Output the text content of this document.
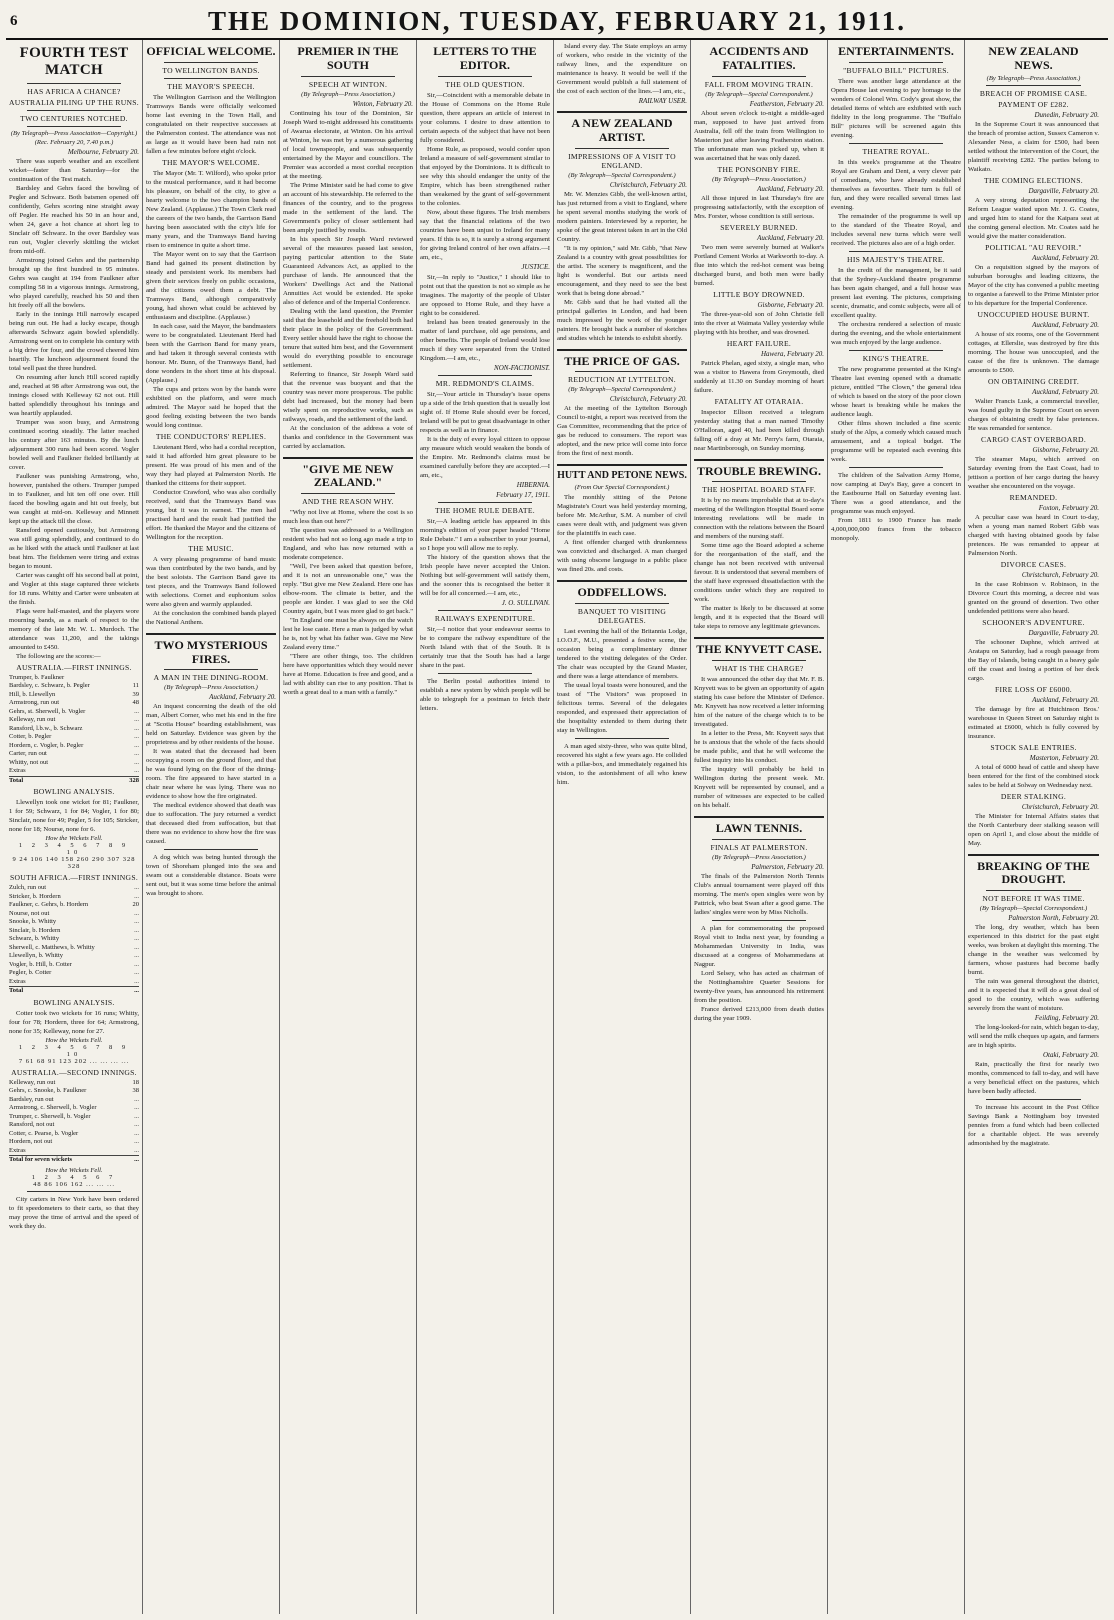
6	THE DOMINION, TUESDAY, FEBRUARY 21, 1911.
FOURTH TEST MATCH
HAS AFRICA A CHANCE?
AUSTRALIA PILING UP THE RUNS.
TWO CENTURIES NOTCHED.
(By Telegraph—Press Association—Copyright.)
(Rec. February 20, 7.40 p.m.)
Melbourne, February 20.

There was superb weather and an excellent wicket—faster than Saturday—for the continuation of the Test match.

Bardsley and Gehrs faced the bowling of Pegler and Schwarz. Both batsmen opened off confidently, Gehrs scoring nine straight away off Pegler. He reached his 50 in an hour and, when 24, gave a hot chance at short leg to Sinclair off Schwarz. In the over Bardsley was run out, Vogler cleverly skittling the wicket from mid-off.

Armstrong joined Gehrs and the partnership brought up the first hundred in 95 minutes. Gehrs was caught at 194 from Faulkner after compiling 58 in a vigorous innings. Armstrong, who played carefully, reached his 50 and then hit freely off all the bowlers.

Early in the innings Hill narrowly escaped being run out. He had a lucky escape, though afterwards Schwarz again bowled splendidly. Armstrong went on to complete his century with a big drive for four, and the crowd cheered him heartily. The luncheon adjournment found the total well past the three hundred.

On resuming after lunch Hill scored rapidly and, reached at 98 after Armstrong was out, the innings closed with Kelleway 62 not out. Hill batted splendidly throughout his innings and was heartily applauded.

Trumper was soon busy, and Armstrong continued scoring steadily. The latter reached his century after 163 minutes. By the lunch adjournment 300 runs had been scored. Vogler bowled well and Faulkner fielded brilliantly at cover.

Faulkner was punishing Armstrong, who, however, punished the others. Trumper jumped in to Faulkner, and hit ten off one over. Hill faced the bowling again and hit out freely, but was caught at mid-on. Kelleway and Minnett kept up the attack till the close.

Ransford opened cautiously, but Armstrong was still going splendidly, and continued to do as he liked with the attack until Faulkner at last beat him. The fieldsmen were tiring and extras began to mount.

Carter was caught off his second ball at point, and Vogler at this stage captured three wickets for 18 runs. Whitty and Carter were unbeaten at the finish.

Flags were half-masted, and the players wore mourning bands, as a mark of respect to the memory of the late Mr. W. L. Murdoch. The attendance was 11,200, and the takings amounted to £450.

The following are the scores:—

AUSTRALIA.—FIRST INNINGS.
Trumper, b. Faulkner	
Bardsley, c. Schwarz, b. Pegler	11
Hill, b. Llewellyn	39
Armstrong, run out	48
Gehrs, st. Sherwell, b. Vogler	...
Kelleway, run out	...
Ransford, l.b.w., b. Schwarz	...
Cotter, b. Pegler	...
Hordern, c. Vogler, b. Pegler	...
Carter, run out	...
Whitty, not out	...
Extras	...
Total	328
BOWLING ANALYSIS.

Llewellyn took one wicket for 81; Faulkner, 1 for 59; Schwarz, 1 for 84; Vogler, 1 for 80; Sinclair, none for 49; Pegler, 5 for 105; Stricker, none for 18; Nourse, none for 6.

How the Wickets Fell.
1 2 3 4 5 6 7 8 9 10
9 24 106 140 158 260 290 307 328 328
SOUTH AFRICA.—FIRST INNINGS.
Zulch, run out	...
Stricker, b. Hordern	...
Faulkner, c. Gehrs, b. Hordern	20
Nourse, not out	...
Snooke, b. Whitty	...
Sinclair, b. Hordern	...
Schwarz, b. Whitty	...
Sherwell, c. Matthews, b. Whitty	...
Llewellyn, b. Whitty	...
Vogler, b. Hill, b. Cotter	...
Pegler, b. Cotter	...
Extras	...
Total	...
BOWLING ANALYSIS.

Cotter took two wickets for 16 runs; Whitty, four for 78; Hordern, three for 64; Armstrong, none for 35; Kelleway, none for 27.

How the Wickets Fell.
1 2 3 4 5 6 7 8 9 10
7 61 68 91 123 202 ... ... ... ...
AUSTRALIA.—SECOND INNINGS.
Kelleway, run out	18
Gehrs, c. Snooke, b. Faulkner	38
Bardsley, run out	...
Armstrong, c. Sherwell, b. Vogler	...
Trumper, c. Sherwell, b. Vogler	...
Ransford, not out	...
Cotter, c. Pearse, b. Vogler	...
Hordern, not out	...
Extras	...
Total for seven wickets	...
How the Wickets Fell.
1 2 3 4 5 6 7
48 86 106 162 ... ... ...

City carters in New York have been ordered to fit speedometers to their carts, so that they may prove the time of arrival and the speed of work they do.

OFFICIAL WELCOME.
TO WELLINGTON BANDS.
THE MAYOR'S SPEECH.

The Wellington Garrison and the Wellington Tramways Bands were officially welcomed home last evening in the Town Hall, and congratulated on their respective successes at the Palmerston contest. The attendance was not as large as it would have been had rain not fallen a few minutes before eight o'clock.

THE MAYOR'S WELCOME.

The Mayor (Mr. T. Wilford), who spoke prior to the musical performance, said it had become his pleasure, on behalf of the city, to give a hearty welcome to the two champion bands of New Zealand. (Applause.) The Town Clerk read the careers of the two bands, the Garrison Band having been associated with the city's life for many years, and the Tramways Band having risen to eminence in quite a short time.

The Mayor went on to say that the Garrison Band had gained its present distinction by steady and persistent work. Its members had given their services freely on public occasions, and the citizens owed them a debt. The Tramways Band, although comparatively young, had shown what could be achieved by enthusiasm and discipline. (Applause.)

In each case, said the Mayor, the bandmasters were to be congratulated. Lieutenant Herd had been with the Garrison Band for many years, and had taken it through several contests with honour. Mr. Bunn, of the Tramways Band, had done wonders in the short time at his disposal. (Applause.)

The cups and prizes won by the bands were exhibited on the platform, and were much admired. The Mayor said he hoped that the good feeling existing between the two bands would long continue.

THE CONDUCTORS' REPLIES.

Lieutenant Herd, who had a cordial reception, said it had afforded him great pleasure to be present. He was proud of his men and of the way they had played at Palmerston North. He thanked the citizens for their support.

Conductor Crawford, who was also cordially received, said that the Tramways Band was young, but it was in earnest. The men had practised hard and the result had justified the effort. He thanked the Mayor and the citizens of Wellington for the reception.

THE MUSIC.

A very pleasing programme of band music was then contributed by the two bands, and by the best soloists. The Garrison Band gave its test pieces, and the Tramways Band followed with selections. Cornet and euphonium solos were also given and warmly applauded.

At the conclusion the combined bands played the National Anthem.

TWO MYSTERIOUS FIRES.
A MAN IN THE DINING-ROOM.
(By Telegraph—Press Association.)
Auckland, February 20.

An inquest concerning the death of the old man, Albert Corner, who met his end in the fire at "Scotia House" boarding establishment, was held on Saturday. Evidence was given by the proprietress and by other residents of the house.

It was stated that the deceased had been occupying a room on the ground floor, and that he was found lying on the floor of the dining-room. The fire appeared to have started in a chair near where he was lying. There was no evidence to show how the fire originated.

The medical evidence showed that death was due to suffocation. The jury returned a verdict that deceased died from suffocation, but that there was no evidence to show how the fire was caused.

A dog which was being hunted through the town of Shoreham plunged into the sea and swam out a considerable distance. Boats were sent out, but it was some time before the animal was brought to shore.

PREMIER IN THE SOUTH
SPEECH AT WINTON.
(By Telegraph—Press Association.)
Winton, February 20.

Continuing his tour of the Dominion, Sir Joseph Ward to-night addressed his constituents of Awarua electorate, at Winton. On his arrival at Winton, he was met by a numerous gathering of local townspeople, and was subsequently entertained by the Mayor and councillors. The Premier was accorded a most cordial reception at the meeting.

The Prime Minister said he had come to give an account of his stewardship. He referred to the finances of the country, and to the progress made in the settlement of the land. The Government's policy of closer settlement had been amply justified by results.

In his speech Sir Joseph Ward reviewed several of the measures passed last session, paying particular attention to the State Guaranteed Advances Act, as applied to the purchase of lands. He announced that the Workers' Dwellings Act and the National Annuities Act would be extended. He spoke also of defence and of the Imperial Conference.

Dealing with the land question, the Premier said that the leasehold and the freehold both had their place in the policy of the Government. Every settler should have the right to choose the tenure that suited him best, and the Government would do everything possible to encourage settlement.

Referring to finance, Sir Joseph Ward said that the revenue was buoyant and that the country was never more prosperous. The public debt had increased, but the money had been wisely spent on reproductive works, such as railways, roads, and the settlement of the land.

At the conclusion of the address a vote of thanks and confidence in the Government was carried by acclamation.

"GIVE ME NEW ZEALAND."
AND THE REASON WHY.

"Why not live at Home, where the cost is so much less than out here?"

The question was addressed to a Wellington resident who had not so long ago made a trip to England, and who has now returned with a moderate competence.

"Well, I've been asked that question before, and it is not an unreasonable one," was the reply. "But give me New Zealand. Here one has elbow-room. The climate is better, and the people are kinder. I was glad to see the Old Country again, but I was more glad to get back."

"In England one must be always on the watch lest he lose caste. Here a man is judged by what he is, not by what his father was. Give me New Zealand every time."

"There are other things, too. The children here have opportunities which they would never have at Home. Education is free and good, and a lad with ability can rise to any position. That is worth a great deal to a man with a family."

LETTERS TO THE EDITOR.
THE OLD QUESTION.

Sir,—Coincident with a memorable debate in the House of Commons on the Home Rule question, there appears an article of interest in your columns. I desire to draw attention to certain aspects of the subject that have not been fully considered.

Home Rule, as proposed, would confer upon Ireland a measure of self-government similar to that enjoyed by the Dominions. It is difficult to see why this should endanger the unity of the Empire, which has been strengthened rather than weakened by the grant of self-government to the colonies.

Now, about these figures. The Irish members say that the financial relations of the two countries have been unjust to Ireland for many years. If this is so, it is surely a strong argument for giving Ireland control of her own affairs.—I am, etc.,

JUSTICE.

Sir,—In reply to "Justice," I should like to point out that the question is not so simple as he imagines. The majority of the people of Ulster are opposed to Home Rule, and they have a right to be considered.

Ireland has been treated generously in the matter of land purchase, old age pensions, and other benefits. The people of Ireland would lose much if they were separated from the United Kingdom.—I am, etc.,

NON-FACTIONIST.
MR. REDMOND'S CLAIMS.

Sir,—Your article in Thursday's issue opens up a side of the Irish question that is usually lost sight of. If Home Rule should ever be forced, Ireland will be put to great disadvantage in other respects as well as in finance.

It is the duty of every loyal citizen to oppose any measure which would weaken the bonds of the Empire. Mr. Redmond's claims must be examined carefully before they are accepted.—I am, etc.,

HIBERNIA.
February 17, 1911.
THE HOME RULE DEBATE.

Sir,—A leading article has appeared in this morning's edition of your paper headed "Home Rule Debate." I am a subscriber to your journal, so I hope you will allow me to reply.

The history of the question shows that the Irish people have never accepted the Union. Nothing but self-government will satisfy them, and the sooner this is recognised the better it will be for all concerned.—I am, etc.,

J. O. SULLIVAN.
RAILWAYS EXPENDITURE.

Sir,—I notice that your endeavour seems to be to compare the railway expenditure of the North Island with that of the South. It is certainly true that the South has had a large share in the past.

The Berlin postal authorities intend to establish a new system by which people will be able to telegraph for a postman to fetch their letters.

Island every day. The State employs an army of workers, who reside in the vicinity of the railway lines, and the expenditure on maintenance is heavy. It would be well if the Government would publish a full statement of the cost of each section of the lines.—I am, etc.,

RAILWAY USER.
A NEW ZEALAND ARTIST.
IMPRESSIONS OF A VISIT TO ENGLAND.
(By Telegraph—Special Correspondent.)
Christchurch, February 20.

Mr. W. Menzies Gibb, the well-known artist, has just returned from a visit to England, where he spent several months studying the work of modern painters. Interviewed by a reporter, he spoke of the great interest taken in art in the Old Country.

"It is my opinion," said Mr. Gibb, "that New Zealand is a country with great possibilities for the artist. The scenery is magnificent, and the light is wonderful. But our artists need encouragement, and they need to see the best work that is being done abroad."

Mr. Gibb said that he had visited all the principal galleries in London, and had been much impressed by the work of the younger painters. He brought back a number of sketches and studies which he intends to exhibit shortly.

THE PRICE OF GAS.
REDUCTION AT LYTTELTON.
(By Telegraph—Special Correspondent.)
Christchurch, February 20.

At the meeting of the Lyttelton Borough Council to-night, a report was received from the Gas Committee, recommending that the price of gas be reduced to consumers. The report was adopted, and the new price will come into force from the first of next month.

HUTT AND PETONE NEWS.
(From Our Special Correspondent.)

The monthly sitting of the Petone Magistrate's Court was held yesterday morning, before Mr. McArthur, S.M. A number of civil cases were dealt with, and judgment was given for the plaintiffs in each case.

A first offender charged with drunkenness was convicted and discharged. A man charged with using obscene language in a public place was fined 20s. and costs.

ODDFELLOWS.
BANQUET TO VISITING DELEGATES.

Last evening the hall of the Britannia Lodge, I.O.O.F., M.U., presented a festive scene, the occasion being a complimentary dinner tendered to the visiting delegates of the Order. The chair was occupied by the Grand Master, and there was a large attendance of members.

The usual loyal toasts were honoured, and the toast of "The Visitors" was proposed in felicitous terms. Several of the delegates responded, and expressed their appreciation of the hospitality extended to them during their stay in Wellington.

A man aged sixty-three, who was quite blind, recovered his sight a few years ago. He collided with a pillar-box, and immediately regained his vision, to the astonishment of all who knew him.

ACCIDENTS AND FATALITIES.
FALL FROM MOVING TRAIN.
(By Telegraph—Special Correspondent.)
Featherston, February 20.

About seven o'clock to-night a middle-aged man, supposed to have just arrived from Australia, fell off the train from Wellington to Masterton just after leaving Featherston station. The unfortunate man was picked up, when it was ascertained that he was only dazed.

THE PONSONBY FIRE.
(By Telegraph—Press Association.)
Auckland, February 20.

All those injured in last Thursday's fire are progressing satisfactorily, with the exception of Mrs. Forster, whose condition is still serious.

SEVERELY BURNED.
Auckland, February 20.

Two men were severely burned at Walker's Portland Cement Works at Warkworth to-day. A flue into which the red-hot cement was being discharged burst, and both men were badly burned.

LITTLE BOY DROWNED.
Gisborne, February 20.

The three-year-old son of John Christie fell into the river at Waimata Valley yesterday while playing with his brother, and was drowned.

HEART FAILURE.
Hawera, February 20.

Patrick Phelan, aged sixty, a single man, who was a visitor to Hawera from Greymouth, died suddenly at 11.30 on Sunday morning of heart failure.

FATALITY AT OTARAIA.

Inspector Ellison received a telegram yesterday stating that a man named Timothy O'Halloran, aged 40, had been killed through falling off a dray at Mr. Perry's farm, Otaraia, near Martinborough, on Sunday morning.

TROUBLE BREWING.
THE HOSPITAL BOARD STAFF.

It is by no means improbable that at to-day's meeting of the Wellington Hospital Board some interesting revelations will be made in connection with the relations between the Board and members of the nursing staff.

Some time ago the Board adopted a scheme for the reorganisation of the staff, and the change has not been received with universal favour. It is understood that several members of the staff have expressed dissatisfaction with the conditions under which they are required to work.

The matter is likely to be discussed at some length, and it is expected that the Board will take steps to remove any legitimate grievances.

THE KNYVETT CASE.
WHAT IS THE CHARGE?

It was announced the other day that Mr. F. B. Knyvett was to be given an opportunity of again stating his case before the Minister of Defence. Mr. Knyvett has now received a letter informing him of the nature of the charge which is to be investigated.

In a letter to the Press, Mr. Knyvett says that he is anxious that the whole of the facts should be made public, and that he will welcome the fullest inquiry into his conduct.

The inquiry will probably be held in Wellington during the present week. Mr. Knyvett will be represented by counsel, and a number of witnesses are expected to be called on his behalf.

LAWN TENNIS.
FINALS AT PALMERSTON.
(By Telegraph—Press Association.)
Palmerston, February 20.

The finals of the Palmerston North Tennis Club's annual tournament were played off this morning. The men's open singles were won by Pattrick, who beat Swan after a good game. The ladies' singles were won by Miss Nicholls.

A plan for commemorating the proposed Royal visit to India next year, by founding a Mohammedan University in India, was discussed at a congress of Mohammedans at Nagpur.

Lord Selsey, who has acted as chairman of the Nottinghamshire Quarter Sessions for twenty-five years, has announced his retirement from the position.

France derived £213,000 from death duties during the year 1909.

ENTERTAINMENTS.
"BUFFALO BILL" PICTURES.

There was another large attendance at the Opera House last evening to pay homage to the wonders of Colonel Wm. Cody's great show, the detailed items of which are exhibited with such fidelity in the long programme. The "Buffalo Bill" pictures will be screened again this evening.

THEATRE ROYAL.

In this week's programme at the Theatre Royal are Graham and Dent, a very clever pair of comedians, who have already established themselves as favourites. Their turn is full of fun, and they were recalled several times last evening.

The remainder of the programme is well up to the standard of the Theatre Royal, and includes several new turns which were well received. The pictures also are of a high order.

HIS MAJESTY'S THEATRE.

In the credit of the management, be it said that the Sydney-Auckland theatre programme has been again changed, and a full house was present last evening. The pictures, comprising scenic, dramatic, and comic subjects, were all of excellent quality.

The orchestra rendered a selection of music during the evening, and the whole entertainment was much enjoyed by the large audience.

KING'S THEATRE.

The new programme presented at the King's Theatre last evening opened with a dramatic picture, entitled "The Clown," the general idea of which is based on the story of the poor clown whose heart is breaking while he makes the audience laugh.

Other films shown included a fine scenic study of the Alps, a comedy which caused much amusement, and a topical budget. The programme will be repeated each evening this week.

The children of the Salvation Army Home, now camping at Day's Bay, gave a concert in the Eastbourne Hall on Saturday evening last. There was a good attendance, and the programme was much enjoyed.

From 1811 to 1900 France has made 4,000,000,000 francs from the tobacco monopoly.

NEW ZEALAND NEWS.
(By Telegraph—Press Association.)
BREACH OF PROMISE CASE.
PAYMENT OF £282.
Dunedin, February 20.

In the Supreme Court it was announced that the breach of promise action, Sussex Cameron v. Alexander Ness, a claim for £500, had been settled without the intervention of the Court, the plaintiff receiving £282. The parties belong to Waikato.

THE COMING ELECTIONS.
Dargaville, February 20.

A very strong deputation representing the Reform League waited upon Mr. J. G. Coates, and urged him to stand for the Kaipara seat at the coming general election. Mr. Coates said he would give the matter consideration.

POLITICAL "AU REVOIR."
Auckland, February 20.

On a requisition signed by the mayors of suburban boroughs and leading citizens, the Mayor of the city has convened a public meeting to organise a farewell to the Prime Minister prior to his departure for the Imperial Conference.

UNOCCUPIED HOUSE BURNT.
Auckland, February 20.

A house of six rooms, one of the Government cottages, at Ellerslie, was destroyed by fire this morning. The house was unoccupied, and the cause of the fire is unknown. The damage amounts to £500.

ON OBTAINING CREDIT.
Auckland, February 20.

Walter Francis Lusk, a commercial traveller, was found guilty in the Supreme Court on seven charges of obtaining credit by false pretences. He was remanded for sentence.

CARGO CAST OVERBOARD.
Gisborne, February 20.

The steamer Mapu, which arrived on Saturday evening from the East Coast, had to jettison a portion of her cargo during the heavy weather she encountered on the voyage.

REMANDED.
Foxton, February 20.

A peculiar case was heard in Court to-day, when a young man named Robert Gibb was charged with having obtained goods by false pretences. He was remanded to appear at Palmerston North.

DIVORCE CASES.
Christchurch, February 20.

In the case Robinson v. Robinson, in the Divorce Court this morning, a decree nisi was granted on the ground of desertion. Two other undefended petitions were also heard.

SCHOONER'S ADVENTURE.
Dargaville, February 20.

The schooner Daphne, which arrived at Aratapu on Saturday, had a rough passage from the Bay of Islands, being caught in a heavy gale off the coast and losing a portion of her deck cargo.

FIRE LOSS OF £6000.
Auckland, February 20.

The damage by fire at Hutchinson Bros.' warehouse in Queen Street on Saturday night is estimated at £6000, which is fully covered by insurance.

STOCK SALE ENTRIES.
Masterton, February 20.

A total of 6000 head of cattle and sheep have been entered for the first of the combined stock sales to be held at Solway on Wednesday next.

DEER STALKING.
Christchurch, February 20.

The Minister for Internal Affairs states that the North Canterbury deer stalking season will open on April 1, and close about the middle of May.

BREAKING OF THE DROUGHT.
NOT BEFORE IT WAS TIME.
(By Telegraph—Special Correspondent.)
Palmerston North, February 20.

The long, dry weather, which has been experienced in this district for the past eight weeks, was broken at daylight this morning. The change in the weather was welcomed by farmers, whose pastures had become badly burnt.

The rain was general throughout the district, and it is expected that it will do a great deal of good to the country, which was suffering severely from the want of moisture.

Feilding, February 20.

The long-looked-for rain, which began to-day, will send the milk cheques up again, and farmers are in high spirits.

Otaki, February 20.

Rain, practically the first for nearly two months, commenced to fall to-day, and will have a very beneficial effect on the pastures, which have been badly affected.

To increase his account in the Post Office Savings Bank a Nottingham boy invested pennies from a fund which had been collected for a charitable object. He was severely admonished by the magistrate.
